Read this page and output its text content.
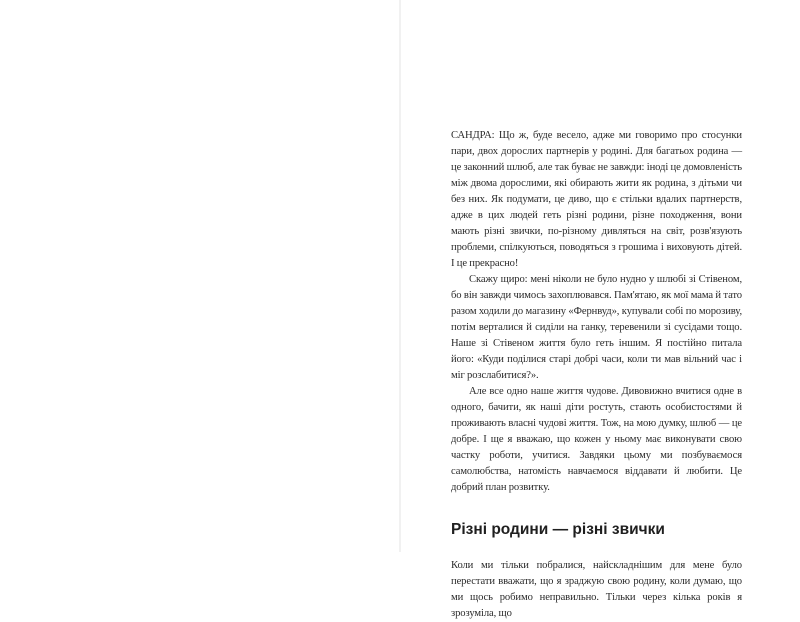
САНДРА: Що ж, буде весело, адже ми говоримо про стосунки пари, двох дорослих партнерів у родині. Для багатьох родина — це законний шлюб, але так буває не завжди: іноді це домовленість між двома дорослими, які обирають жити як родина, з дітьми чи без них. Як подумати, це диво, що є стільки вдалих партнерств, адже в цих людей геть різні родини, різне походження, вони мають різні звички, по-різному дивляться на світ, розв'язують проблеми, спілкуються, поводяться з грошима і виховують дітей. І це прекрасно!

Скажу щиро: мені ніколи не було нудно у шлюбі зі Стівеном, бо він завжди чимось захоплювався. Пам'ятаю, як мої мама й тато разом ходили до магазину «Фернвуд», купували собі по морозиву, потім верталися й сиділи на ганку, теревенили зі сусідами тощо. Наше зі Стівеном життя було геть іншим. Я постійно питала його: «Куди поділися старі добрі часи, коли ти мав вільний час і міг розслабитися?».

Але все одно наше життя чудове. Дивовижно вчитися одне в одного, бачити, як наші діти ростуть, стають особистостями й проживають власні чудові життя. Тож, на мою думку, шлюб — це добре. І ще я вважаю, що кожен у ньому має виконувати свою частку роботи, учитися. Завдяки цьому ми позбуваємося самолюбства, натомість навчаємося віддавати й любити. Це добрий план розвитку.

Різні родини — різні звички

Коли ми тільки побралися, найскладнішим для мене було перестати вважати, що я зраджую свою родину, коли думаю, що ми щось робимо неправильно. Тільки через кілька років я зрозуміла, що
